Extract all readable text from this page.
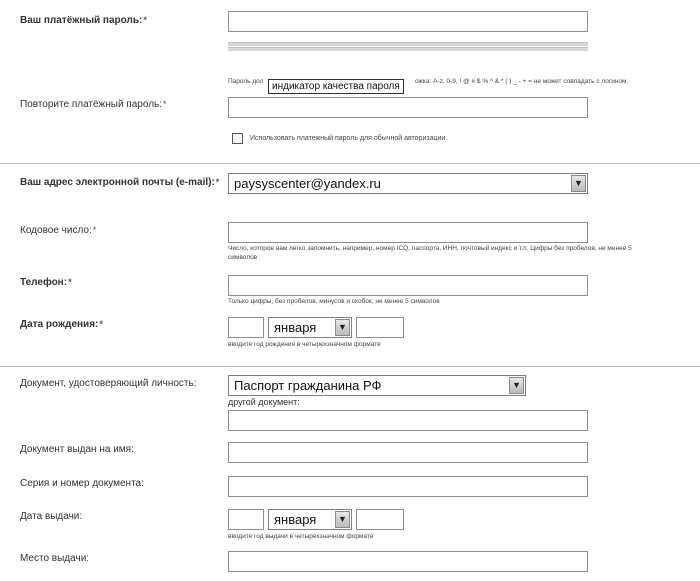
Ваш платёжный пароль:*
Пароль дол	ожка: A-z, 0-9, ! @ # $ % ^ & * ( ) _ - + = не может совпадать с логином.
индикатор качества пароля
Повторите платёжный пароль:*
Использовать платежный пароль для обычной авторизации.
Ваш адрес электронной почты (e-mail):*	paysyscenter@yandex.ru	▼
Кодовое число:*
Число, которое вам легко запомнить, например, номер ICQ, паспорта, ИНН, почтовый индекс и т.п. Цифры без пробелов, не менее 5
символов
Телефон:*
Только цифры, без пробелов, минусов и скобок, не менее 5 символов
Дата рождения:*	января	▼
вводите год рождения в четырехзначном формате
Документ, удостоверяющий личность:	Паспорт гражданина РФ	▼
другой документ:
Документ выдан на имя:
Серия и номер документа:
Дата выдачи:	января	▼
вводите год выдачи в четырехзначном формате
Место выдачи:
